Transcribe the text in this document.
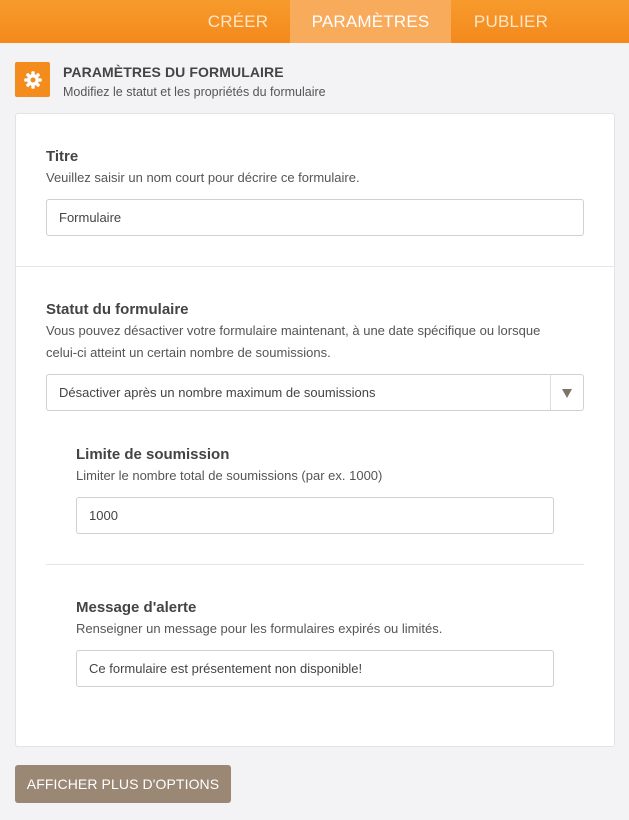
CRÉER	PARAMÈTRES	PUBLIER
PARAMÈTRES DU FORMULAIRE
Modifiez le statut et les propriétés du formulaire
Titre
Veuillez saisir un nom court pour décrire ce formulaire.
Formulaire
Statut du formulaire
Vous pouvez désactiver votre formulaire maintenant, à une date spécifique ou lorsque
celui-ci atteint un certain nombre de soumissions.
Désactiver après un nombre maximum de soumissions
Limite de soumission
Limiter le nombre total de soumissions (par ex. 1000)
1000
Message d'alerte
Renseigner un message pour les formulaires expirés ou limités.
Ce formulaire est présentement non disponible!
AFFICHER PLUS D'OPTIONS
